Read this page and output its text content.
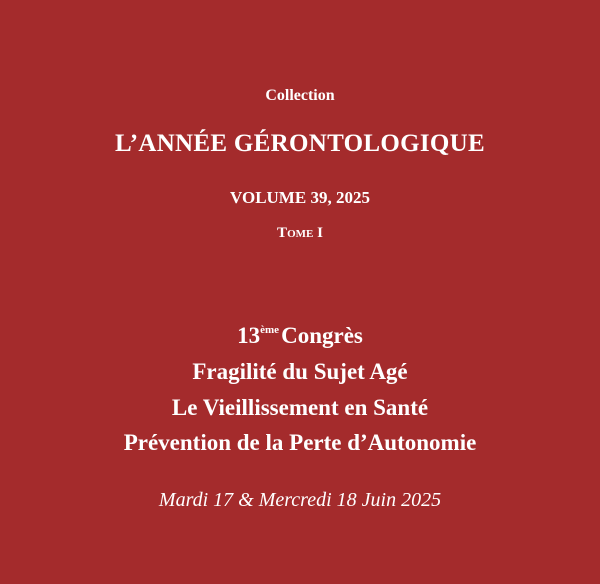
Collection
L’ANNÉE GÉRONTOLOGIQUE
VOLUME 39, 2025
TOME I
13èmeCongrès
Fragilité du Sujet Agé
Le Vieillissement en Santé
Prévention de la Perte d’Autonomie
Mardi 17 & Mercredi 18 Juin 2025
